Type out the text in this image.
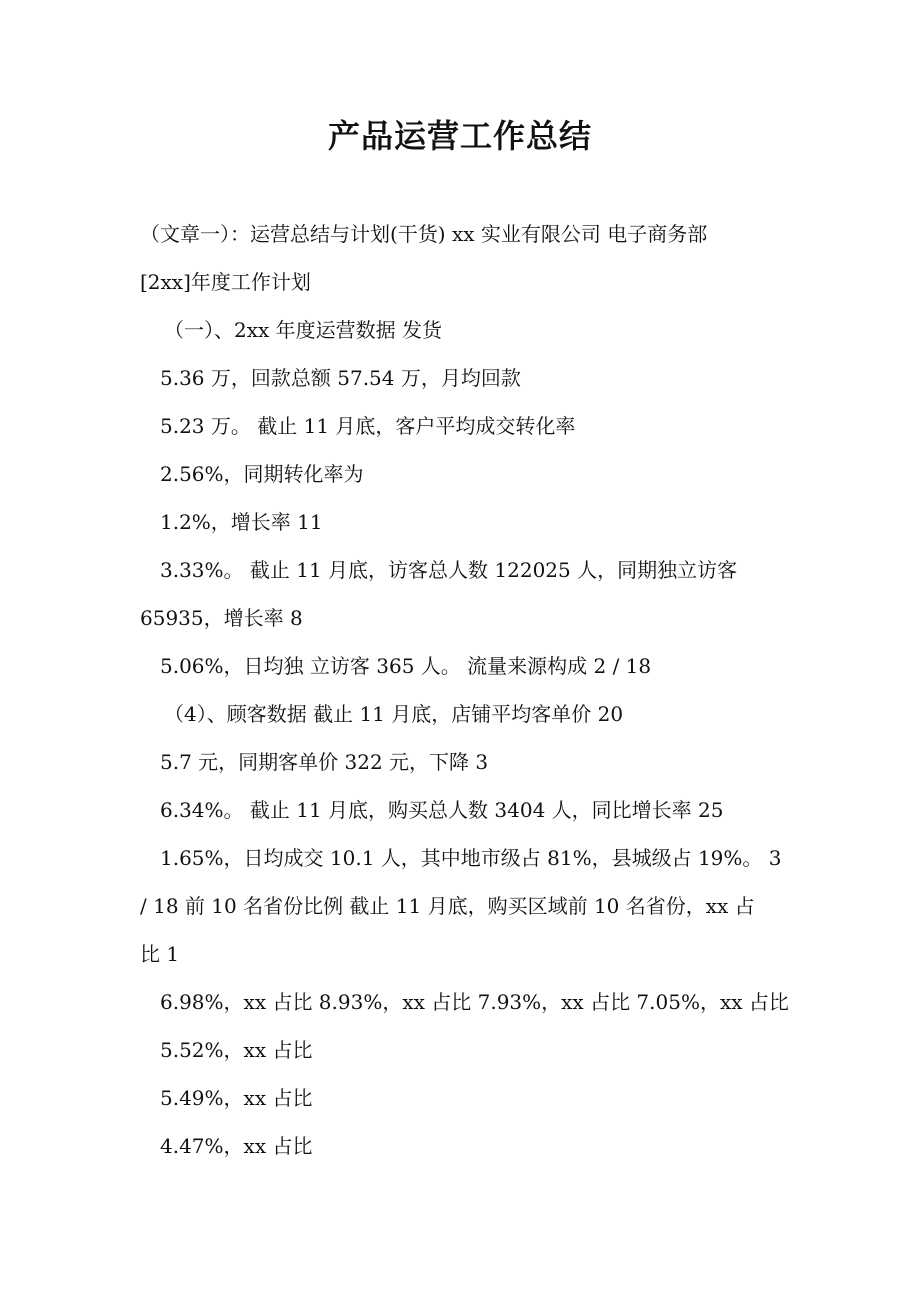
产品运营工作总结
（文章一）：运营总结与计划(干货) xx 实业有限公司 电子商务部
[2xx]年度工作计划
（一）、2xx 年度运营数据 发货
5.36 万，回款总额 57.54 万，月均回款
5.23 万。 截止 11 月底，客户平均成交转化率
2.56%，同期转化率为
1.2%，增长率 11
3.33%。 截止 11 月底，访客总人数 122025 人，同期独立访客
65935，增长率 8
5.06%，日均独 立访客 365 人。 流量来源构成 2 / 18
（4）、顾客数据 截止 11 月底，店铺平均客单价 20
5.7 元，同期客单价 322 元，下降 3
6.34%。 截止 11 月底，购买总人数 3404 人，同比增长率 25
1.65%，日均成交 10.1 人，其中地市级占 81%，县城级占 19%。 3
/ 18 前 10 名省份比例 截止 11 月底，购买区域前 10 名省份，xx 占
比 1
6.98%，xx 占比 8.93%，xx 占比 7.93%，xx 占比 7.05%，xx 占比
5.52%，xx 占比
5.49%，xx 占比
4.47%，xx 占比
